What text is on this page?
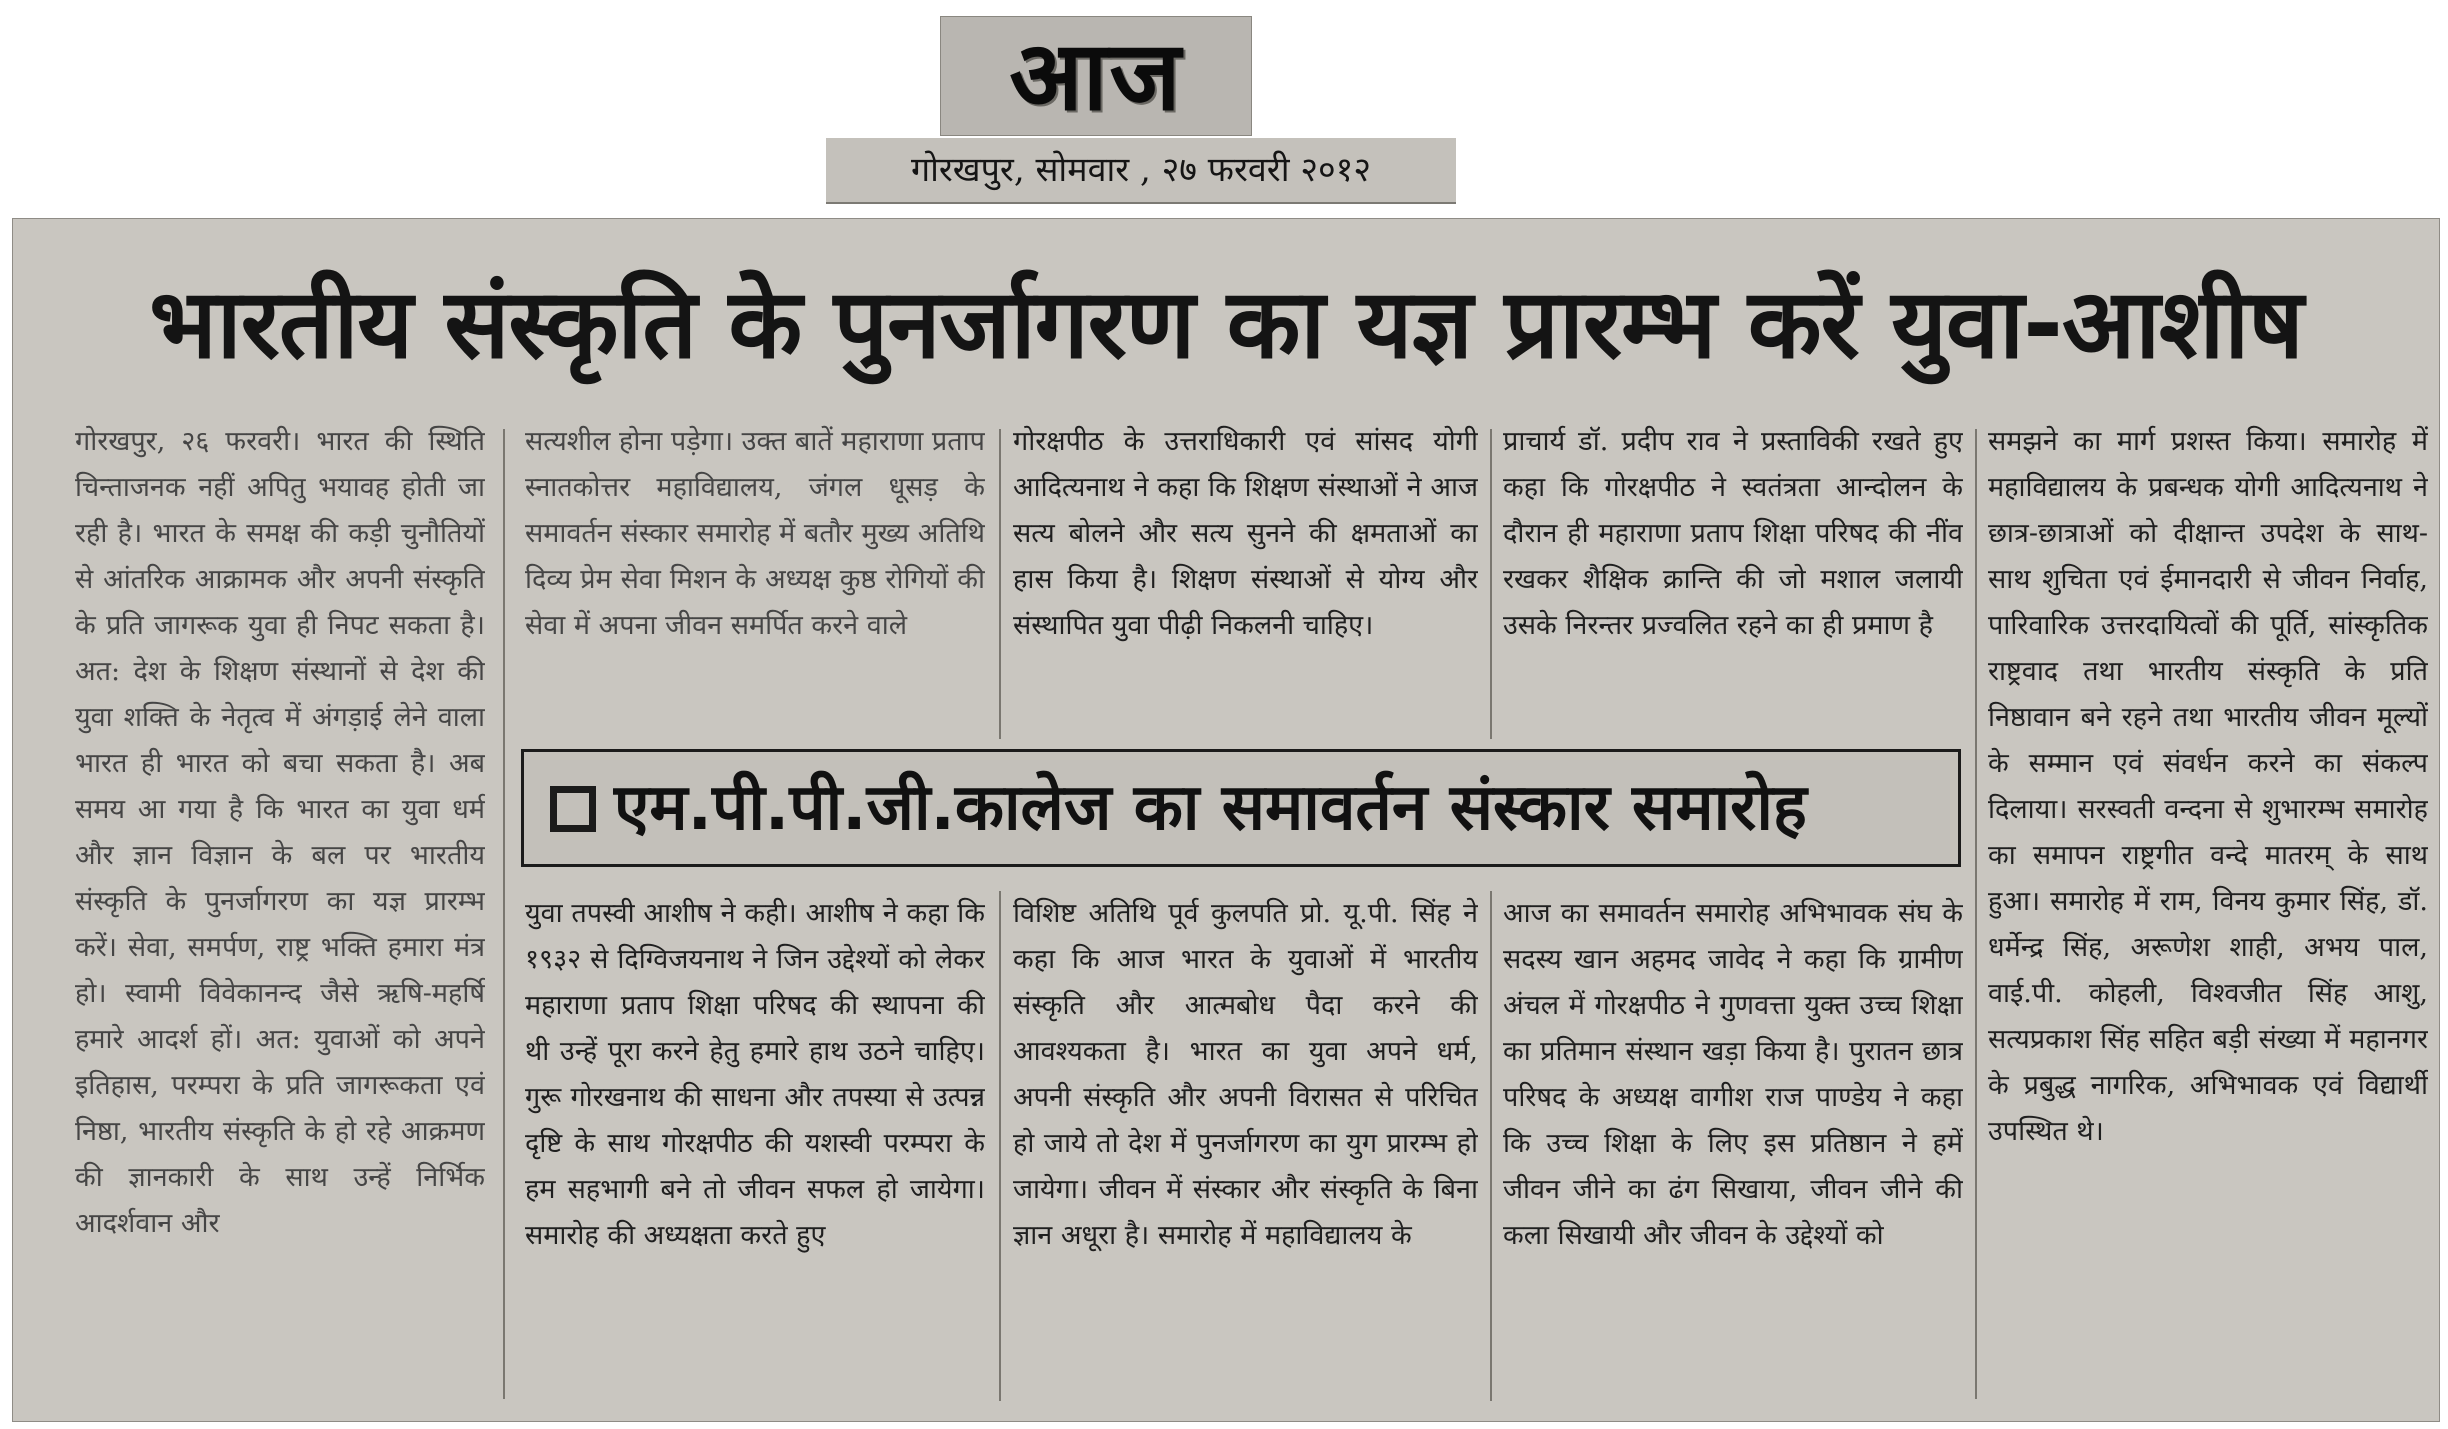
आज
गोरखपुर, सोमवार , २७ फरवरी २०१२
भारतीय संस्कृति के पुनर्जागरण का यज्ञ प्रारम्भ करें युवा-आशीष

गोरखपुर, २६ फरवरी। भारत की स्थिति चिन्ताजनक नहीं अपितु भयावह होती जा रही है। भारत के समक्ष की कड़ी चुनौतियों से आंतरिक आक्रामक और अपनी संस्कृति के प्रति जागरूक युवा ही निपट सकता है। अत: देश के शिक्षण संस्थानों से देश की युवा शक्ति के नेतृत्व में अंगड़ाई लेने वाला भारत ही भारत को बचा सकता है। अब समय आ गया है कि भारत का युवा धर्म और ज्ञान विज्ञान के बल पर भारतीय संस्कृति के पुनर्जागरण का यज्ञ प्रारम्भ करें। सेवा, समर्पण, राष्ट्र भक्ति हमारा मंत्र हो। स्वामी विवेकानन्द जैसे ऋषि-महर्षि हमारे आदर्श हों। अत: युवाओं को अपने इतिहास, परम्परा के प्रति जागरूकता एवं निष्ठा, भारतीय संस्कृति के हो रहे आक्रमण की ज्ञानकारी के साथ उन्हें निर्भिक आदर्शवान और

सत्यशील होना पड़ेगा। उक्त बातें महाराणा प्रताप स्नातकोत्तर महाविद्यालय, जंगल धूसड़ के समावर्तन संस्कार समारोह में बतौर मुख्य अतिथि दिव्य प्रेम सेवा मिशन के अध्यक्ष कुष्ठ रोगियों की सेवा में अपना जीवन समर्पित करने वाले

गोरक्षपीठ के उत्तराधिकारी एवं सांसद योगी आदित्यनाथ ने कहा कि शिक्षण संस्थाओं ने आज सत्य बोलने और सत्य सुनने की क्षमताओं का हास किया है। शिक्षण संस्थाओं से योग्य और संस्थापित युवा पीढ़ी निकलनी चाहिए।

प्राचार्य डॉ. प्रदीप राव ने प्रस्ताविकी रखते हुए कहा कि गोरक्षपीठ ने स्वतंत्रता आन्दोलन के दौरान ही महाराणा प्रताप शिक्षा परिषद की नींव रखकर शैक्षिक क्रान्ति की जो मशाल जलायी उसके निरन्तर प्रज्वलित रहने का ही प्रमाण है

एम.पी.पी.जी.कालेज का समावर्तन संस्कार समारोह

युवा तपस्वी आशीष ने कही। आशीष ने कहा कि १९३२ से दिग्विजयनाथ ने जिन उद्देश्यों को लेकर महाराणा प्रताप शिक्षा परिषद की स्थापना की थी उन्हें पूरा करने हेतु हमारे हाथ उठने चाहिए। गुरू गोरखनाथ की साधना और तपस्या से उत्पन्न दृष्टि के साथ गोरक्षपीठ की यशस्वी परम्परा के हम सहभागी बने तो जीवन सफल हो जायेगा। समारोह की अध्यक्षता करते हुए

विशिष्ट अतिथि पूर्व कुलपति प्रो. यू.पी. सिंह ने कहा कि आज भारत के युवाओं में भारतीय संस्कृति और आत्मबोध पैदा करने की आवश्यकता है। भारत का युवा अपने धर्म, अपनी संस्कृति और अपनी विरासत से परिचित हो जाये तो देश में पुनर्जागरण का युग प्रारम्भ हो जायेगा। जीवन में संस्कार और संस्कृति के बिना ज्ञान अधूरा है। समारोह में महाविद्यालय के

आज का समावर्तन समारोह अभिभावक संघ के सदस्य खान अहमद जावेद ने कहा कि ग्रामीण अंचल में गोरक्षपीठ ने गुणवत्ता युक्त उच्च शिक्षा का प्रतिमान संस्थान खड़ा किया है। पुरातन छात्र परिषद के अध्यक्ष वागीश राज पाण्डेय ने कहा कि उच्च शिक्षा के लिए इस प्रतिष्ठान ने हमें जीवन जीने का ढंग सिखाया, जीवन जीने की कला सिखायी और जीवन के उद्देश्यों को

समझने का मार्ग प्रशस्त किया। समारोह में महाविद्यालय के प्रबन्धक योगी आदित्यनाथ ने छात्र-छात्राओं को दीक्षान्त उपदेश के साथ-साथ शुचिता एवं ईमानदारी से जीवन निर्वाह, पारिवारिक उत्तरदायित्वों की पूर्ति, सांस्कृतिक राष्ट्रवाद तथा भारतीय संस्कृति के प्रति निष्ठावान बने रहने तथा भारतीय जीवन मूल्यों के सम्मान एवं संवर्धन करने का संकल्प दिलाया। सरस्वती वन्दना से शुभारम्भ समारोह का समापन राष्ट्रगीत वन्दे मातरम् के साथ हुआ। समारोह में राम, विनय कुमार सिंह, डॉ. धर्मेन्द्र सिंह, अरूणेश शाही, अभय पाल, वाई.पी. कोहली, विश्वजीत सिंह आशु, सत्यप्रकाश सिंह सहित बड़ी संख्या में महानगर के प्रबुद्ध नागरिक, अभिभावक एवं विद्यार्थी उपस्थित थे।
